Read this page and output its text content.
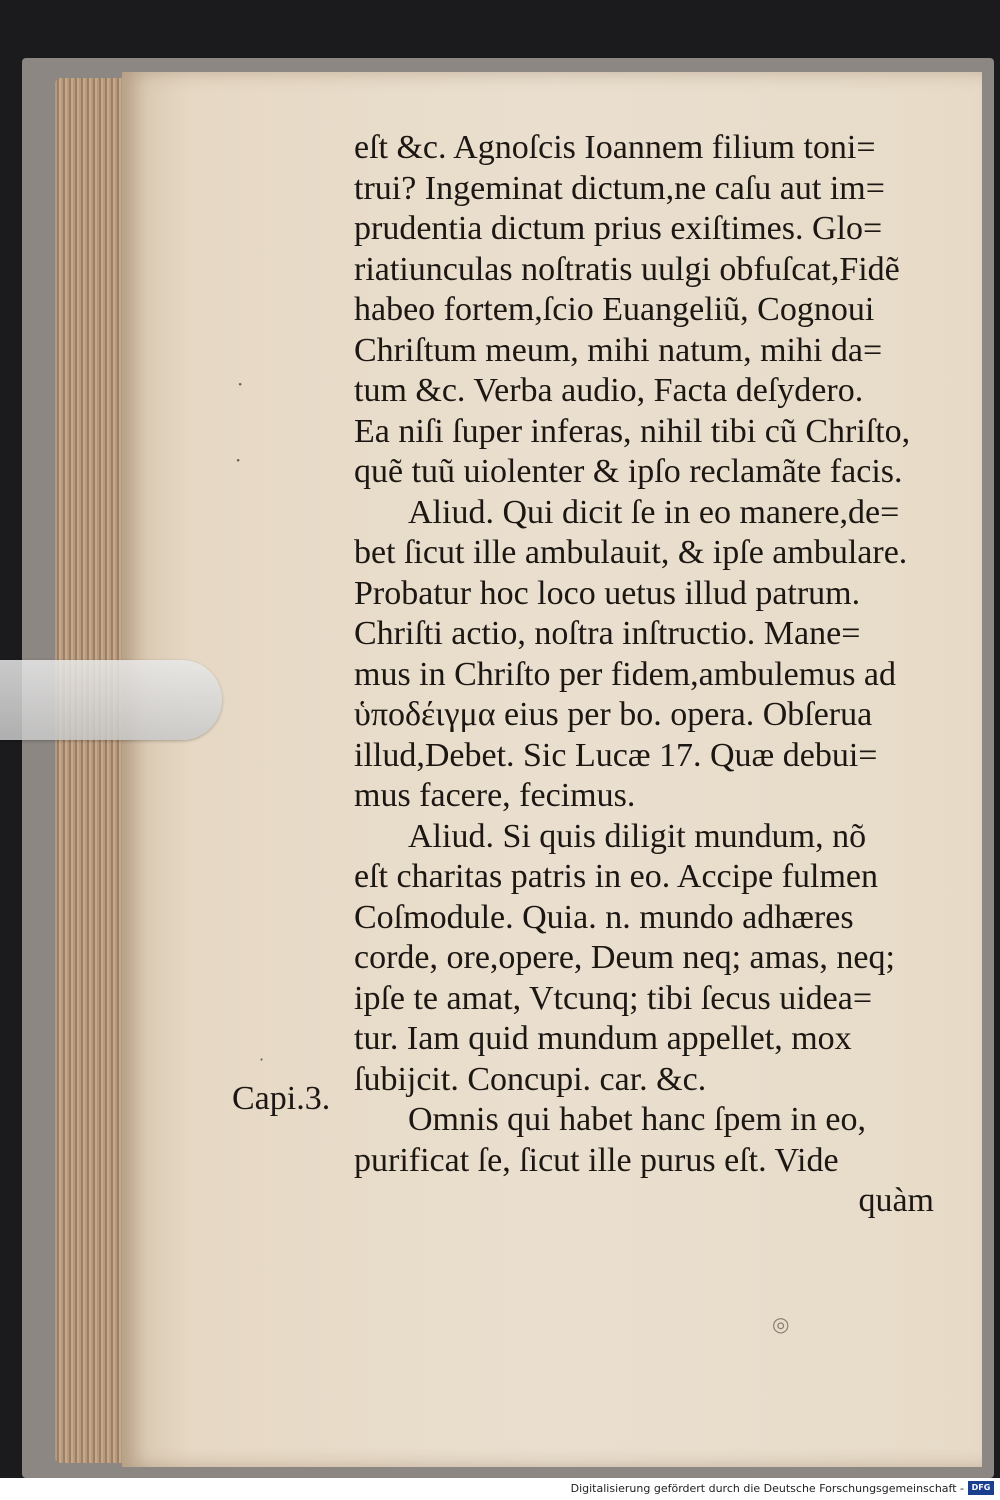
·
·
·
◎
eſt &c. Agnoſcis Ioannem filium toni=
trui? Ingeminat dictum,ne caſu aut im=
prudentia dictum prius exiſtimes. Glo=
riatiunculas noſtratis uulgi obfuſcat,Fidẽ
habeo fortem,ſcio Euangeliũ, Cognoui
Chriſtum meum, mihi natum, mihi da=
tum &c. Verba audio, Facta deſydero.
Ea niſi ſuper inferas, nihil tibi cũ Chriſto,
quẽ tuũ uiolenter & ipſo reclamãte facis.
Aliud. Qui dicit ſe in eo manere,de=
bet ſicut ille ambulauit, & ipſe ambulare.
Probatur hoc loco uetus illud patrum.
Chriſti actio, noſtra inſtructio. Mane=
mus in Chriſto per fidem,ambulemus ad
ὑποδέιγμα eius per bo. opera. Obſerua
illud,Debet. Sic Lucæ 17. Quæ debui=
mus facere, fecimus.
Aliud. Si quis diligit mundum, nõ
eſt charitas patris in eo. Accipe fulmen
Coſmodule. Quia. n. mundo adhæres
corde, ore,opere, Deum neq; amas, neq;
ipſe te amat, Vtcunq; tibi ſecus uidea=
tur. Iam quid mundum appellet, mox
ſubijcit. Concupi. car. &c.
Omnis qui habet hanc ſpem in eo,
purificat ſe, ſicut ille purus eſt. Vide
quàm
Capi.3.
Digitalisierung gefördert durch die Deutsche Forschungsgemeinschaft - DFG
